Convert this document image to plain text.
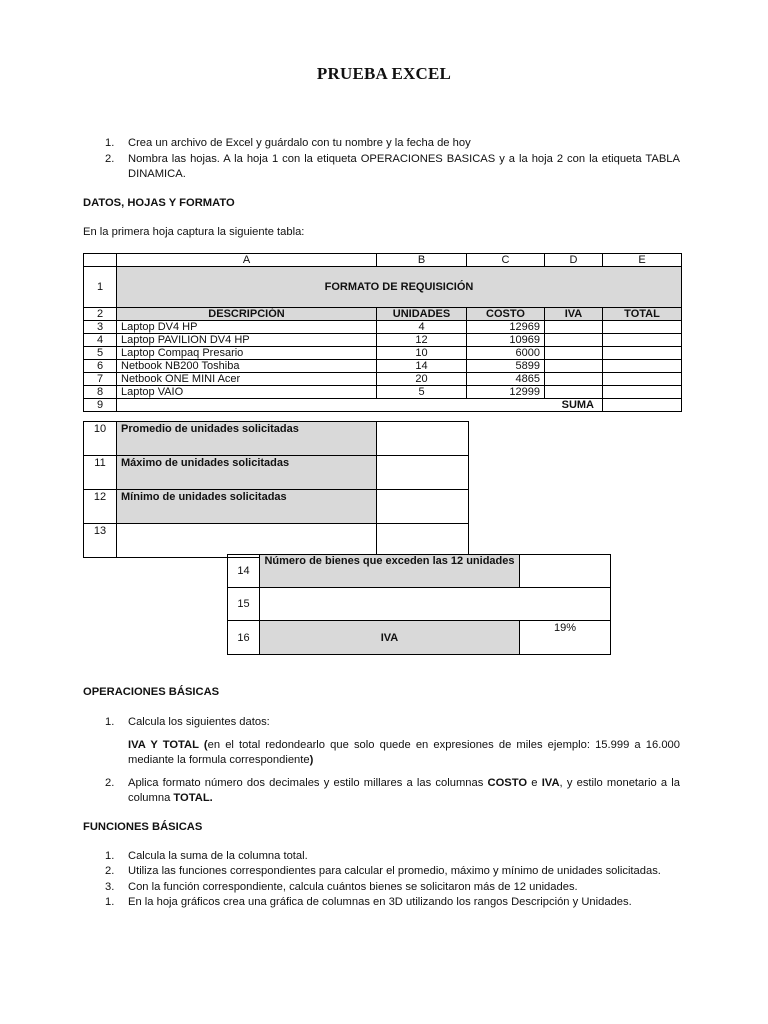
PRUEBA EXCEL
1.	Crea un archivo de Excel y guárdalo con tu nombre y la fecha de hoy
2.	Nombra las hojas. A la hoja 1 con la etiqueta OPERACIONES BASICAS y a la hoja 2 con la etiqueta TABLA DINAMICA.
DATOS, HOJAS Y FORMATO
En la primera hoja captura la siguiente tabla:
	A	B	C	D	E
1	FORMATO DE REQUISICIÓN				
2	DESCRIPCIÓN	UNIDADES	COSTO	IVA	TOTAL
3	Laptop DV4 HP	4	12969		
4	Laptop PAVILION DV4 HP	12	10969		
5	Laptop Compaq Presario	10	6000		
6	Netbook NB200 Toshiba	14	5899		
7	Netbook ONE MINI Acer	20	4865		
8	Laptop VAIO	5	12999		
9	SUMA				
10	Promedio de unidades solicitadas	
11	Máximo de unidades solicitadas	
12	Mínimo de unidades solicitadas	
13		
14	Número de bienes que exceden las 12 unidades	
15		
16	IVA	19%
OPERACIONES BÁSICAS
1.	Calcula los siguientes datos:
IVA Y TOTAL (en el total redondearlo que solo quede en expresiones de miles ejemplo: 15.999 a 16.000 mediante la formula correspondiente)
2.	Aplica formato número dos decimales y estilo millares a las columnas COSTO e IVA, y estilo monetario a la columna TOTAL.
FUNCIONES BÁSICAS
1.	Calcula la suma de la columna total.
2.	Utiliza las funciones correspondientes para calcular el promedio, máximo y mínimo de unidades solicitadas.
3.	Con la función correspondiente, calcula cuántos bienes se solicitaron más de 12 unidades.
1.	En la hoja gráficos crea una gráfica de columnas en 3D utilizando los rangos Descripción y Unidades.
